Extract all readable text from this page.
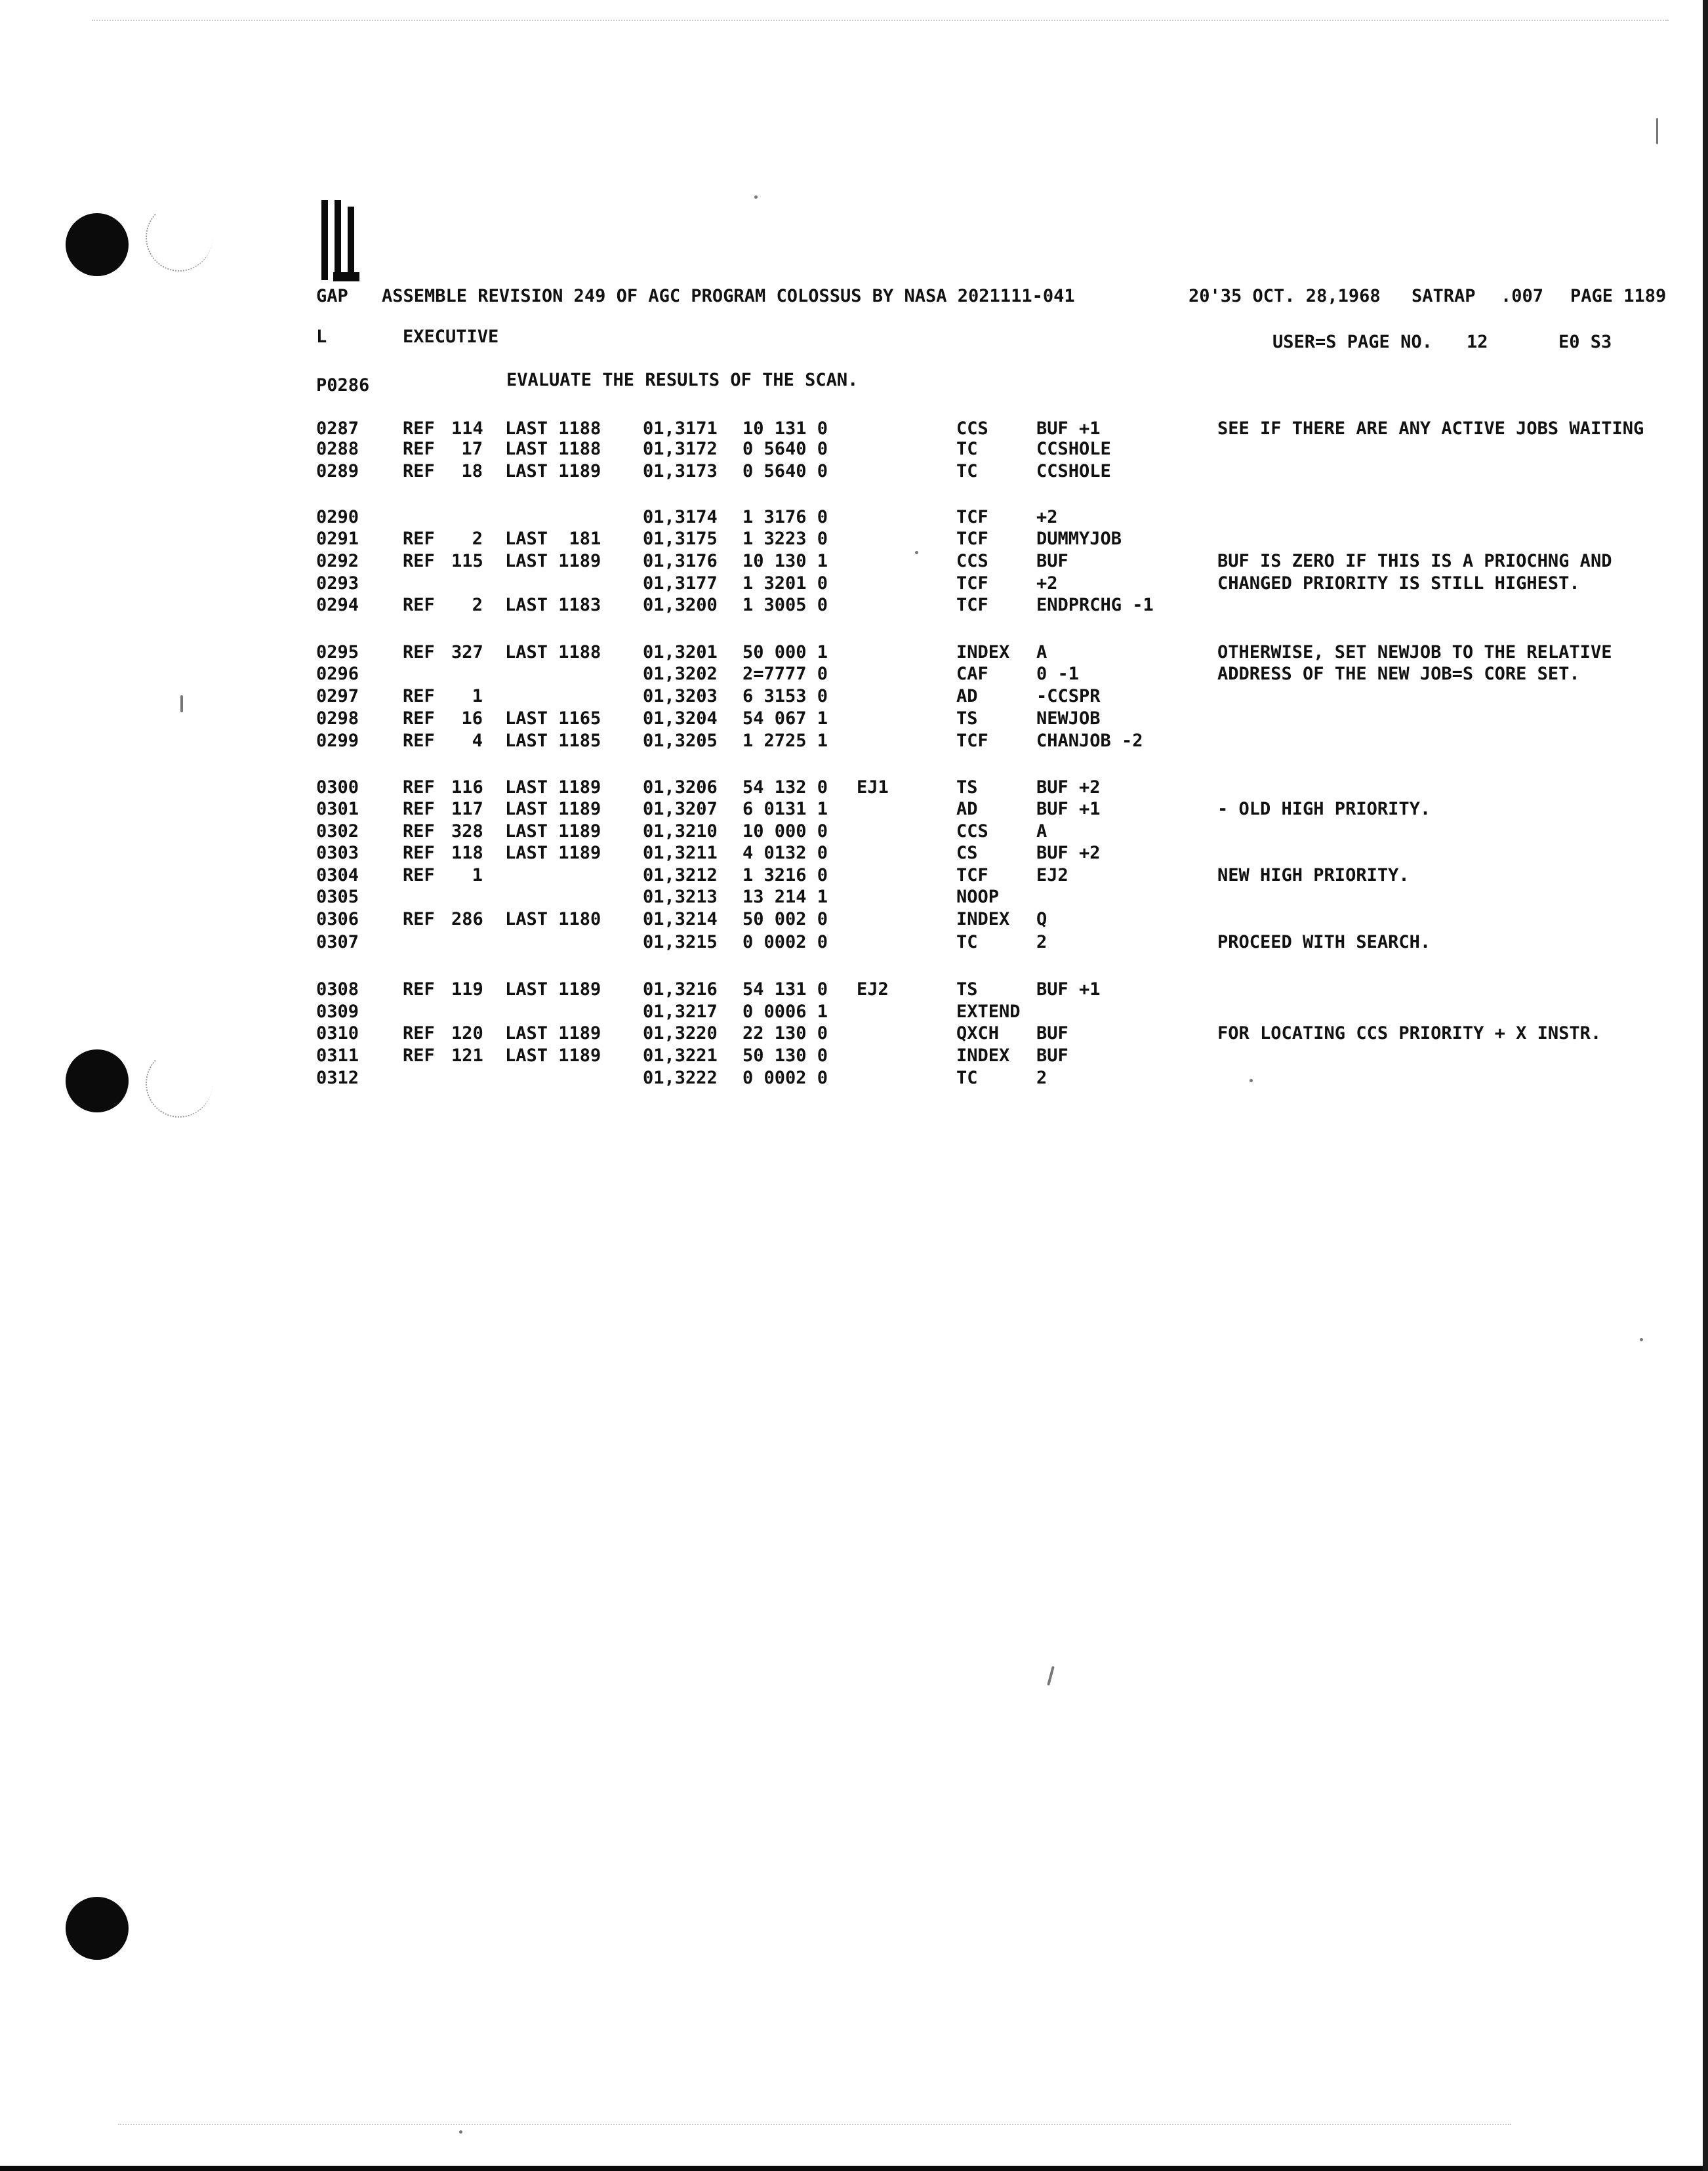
GAP ASSEMBLE REVISION 249 OF AGC PROGRAM COLOSSUS BY NASA 2021111-041	20'35 OCT. 28,1968 SATRAP .007 PAGE 1189
L	EXECUTIVE	USER=S PAGE NO. 12	E0 S3
P0286	EVALUATE THE RESULTS OF THE SCAN.
0287 REF 114 LAST 1188 01,3171 10 131 0	CCS	BUF +1	SEE IF THERE ARE ANY ACTIVE JOBS WAITING
0288 REF	17 LAST 1188 01,3172 0 5640 0	TC	CCSHOLE
0289 REF	18 LAST 1189 01,3173 0 5640 0	TC	CCSHOLE
0290	01,3174 1 3176 0	TCF	+2
0291 REF	2 LAST  181 01,3175 1 3223 0	TCF	DUMMYJOB
0292 REF 115 LAST 1189 01,3176 10 130 1	CCS	BUF	BUF IS ZERO IF THIS IS A PRIOCHNG AND
0293	01,3177 1 3201 0	TCF	+2	CHANGED PRIORITY IS STILL HIGHEST.
0294 REF	2 LAST 1183 01,3200 1 3005 0	TCF	ENDPRCHG -1
0295 REF 327 LAST 1188 01,3201 50 000 1	INDEX A	OTHERWISE, SET NEWJOB TO THE RELATIVE
0296	01,3202 2=7777 0	CAF	0 -1	ADDRESS OF THE NEW JOB=S CORE SET.
0297 REF	1	01,3203 6 3153 0	AD	-CCSPR
0298 REF	16 LAST 1165 01,3204 54 067 1	TS	NEWJOB
0299 REF	4 LAST 1185 01,3205 1 2725 1	TCF	CHANJOB -2
0300 REF 116 LAST 1189 01,3206 54 132 0 EJ1	TS	BUF +2
0301 REF 117 LAST 1189 01,3207 6 0131 1	AD	BUF +1	- OLD HIGH PRIORITY.
0302 REF 328 LAST 1189 01,3210 10 000 0	CCS	A
0303 REF 118 LAST 1189 01,3211 4 0132 0	CS	BUF +2
0304 REF	1	01,3212 1 3216 0	TCF	EJ2	NEW HIGH PRIORITY.
0305	01,3213 13 214 1	NOOP
0306 REF 286 LAST 1180 01,3214 50 002 0	INDEX Q
0307	01,3215 0 0002 0	TC	2	PROCEED WITH SEARCH.
0308 REF 119 LAST 1189 01,3216 54 131 0 EJ2	TS	BUF +1
0309	01,3217 0 0006 1	EXTEND
0310 REF 120 LAST 1189 01,3220 22 130 0	QXCH BUF	FOR LOCATING CCS PRIORITY + X INSTR.
0311 REF 121 LAST 1189 01,3221 50 130 0	INDEX BUF
0312	01,3222 0 0002 0	TC	2
